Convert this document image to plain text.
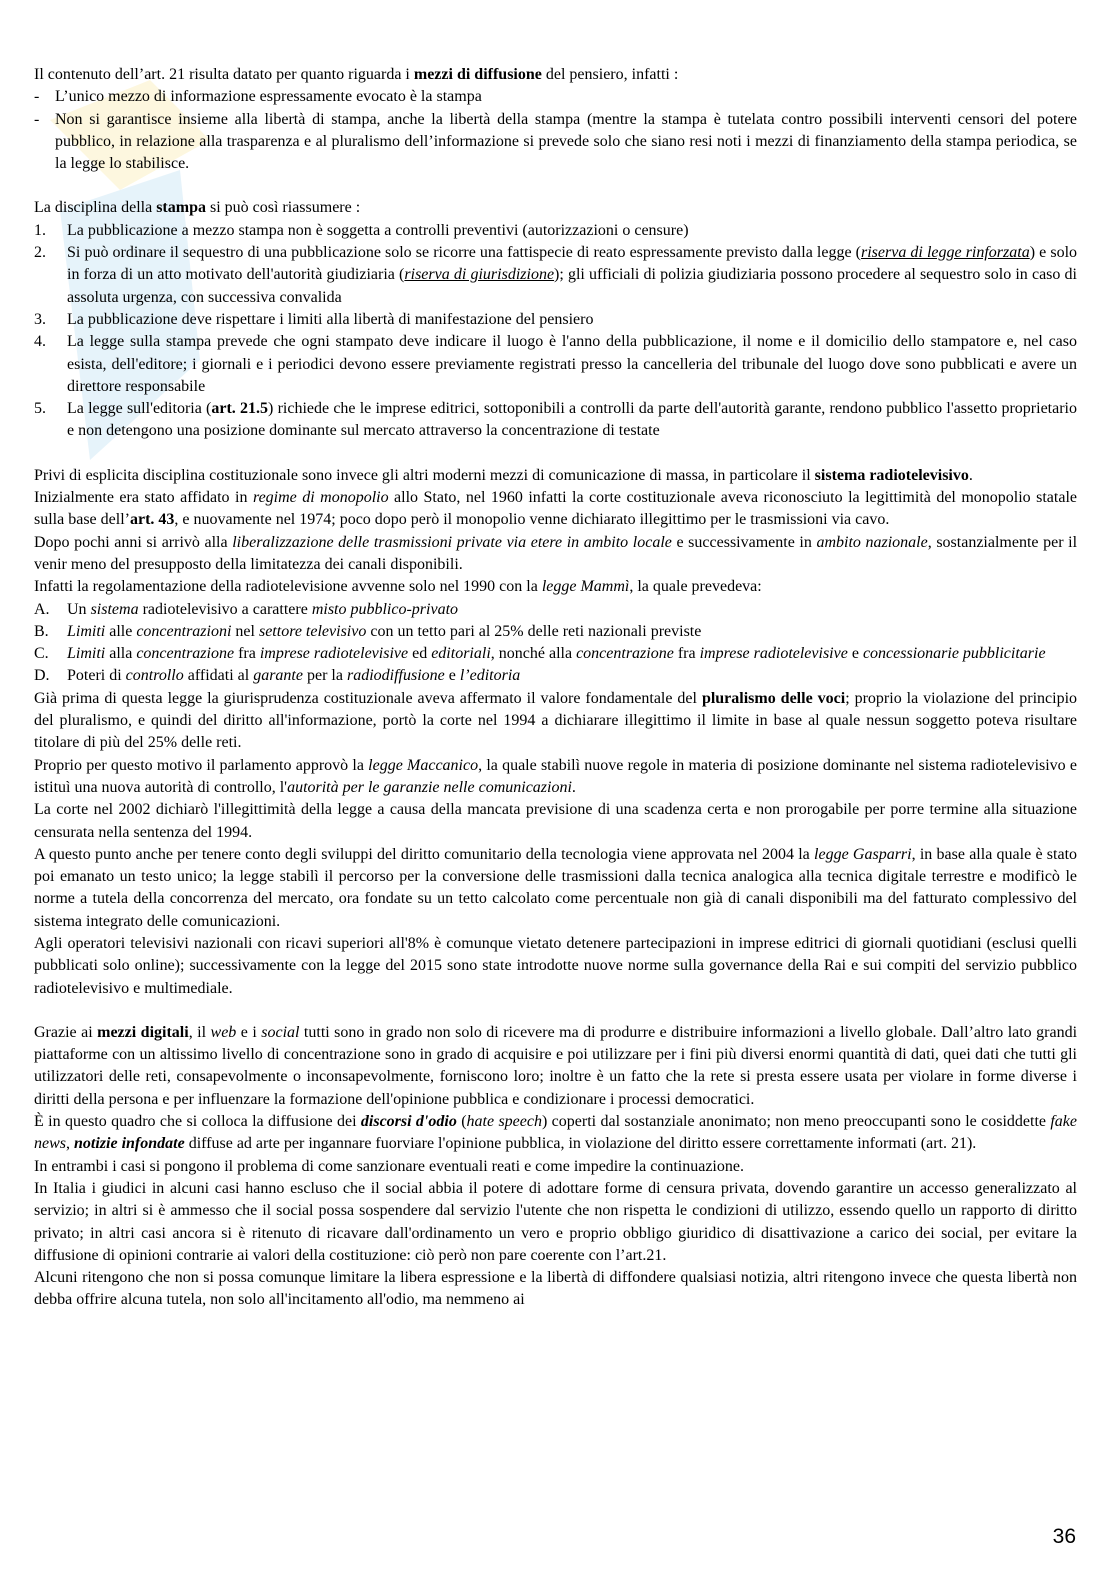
Il contenuto dell’art. 21 risulta datato per quanto riguarda i mezzi di diffusione del pensiero, infatti :

- L’unico mezzo di informazione espressamente evocato è la stampa
- Non si garantisce insieme alla libertà di stampa, anche la libertà della stampa (mentre la stampa è tutelata contro possibili interventi censori del potere pubblico, in relazione alla trasparenza e al pluralismo dell’informazione si prevede solo che siano resi noti i mezzi di finanziamento della stampa periodica, se la legge lo stabilisce.

La disciplina della stampa si può così riassumere :

1.	La pubblicazione a mezzo stampa non è soggetta a controlli preventivi (autorizzazioni o censure)
2.	Si può ordinare il sequestro di una pubblicazione solo se ricorre una fattispecie di reato espressamente previsto dalla legge (riserva di legge rinforzata) e solo in forza di un atto motivato dell'autorità giudiziaria (riserva di giurisdizione); gli ufficiali di polizia giudiziaria possono procedere al sequestro solo in caso di assoluta urgenza, con successiva convalida
3.	La pubblicazione deve rispettare i limiti alla libertà di manifestazione del pensiero
4.	La legge sulla stampa prevede che ogni stampato deve indicare il luogo è l'anno della pubblicazione, il nome e il domicilio dello stampatore e, nel caso esista, dell'editore; i giornali e i periodici devono essere previamente registrati presso la cancelleria del tribunale del luogo dove sono pubblicati e avere un direttore responsabile
5.	La legge sull'editoria (art. 21.5) richiede che le imprese editrici, sottoponibili a controlli da parte dell'autorità garante, rendono pubblico l'assetto proprietario e non detengono una posizione dominante sul mercato attraverso la concentrazione di testate

Privi di esplicita disciplina costituzionale sono invece gli altri moderni mezzi di comunicazione di massa, in particolare il sistema radiotelevisivo.

Inizialmente era stato affidato in regime di monopolio allo Stato, nel 1960 infatti la corte costituzionale aveva riconosciuto la legittimità del monopolio statale sulla base dell’art. 43, e nuovamente nel 1974; poco dopo però il monopolio venne dichiarato illegittimo per le trasmissioni via cavo.

Dopo pochi anni si arrivò alla liberalizzazione delle trasmissioni private via etere in ambito locale e successivamente in ambito nazionale, sostanzialmente per il venir meno del presupposto della limitatezza dei canali disponibili.

Infatti la regolamentazione della radiotelevisione avvenne solo nel 1990 con la legge Mammì, la quale prevedeva:

A.	Un sistema radiotelevisivo a carattere misto pubblico-privato
B.	Limiti alle concentrazioni nel settore televisivo con un tetto pari al 25% delle reti nazionali previste
C.	Limiti alla concentrazione fra imprese radiotelevisive ed editoriali, nonché alla concentrazione fra imprese radiotelevisive e concessionarie pubblicitarie
D.	Poteri di controllo affidati al garante per la radiodiffusione e l’editoria

Già prima di questa legge la giurisprudenza costituzionale aveva affermato il valore fondamentale del pluralismo delle voci; proprio la violazione del principio del pluralismo, e quindi del diritto all'informazione, portò la corte nel 1994 a dichiarare illegittimo il limite in base al quale nessun soggetto poteva risultare titolare di più del 25% delle reti.

Proprio per questo motivo il parlamento approvò la legge Maccanico, la quale stabilì nuove regole in materia di posizione dominante nel sistema radiotelevisivo e istituì una nuova autorità di controllo, l'autorità per le garanzie nelle comunicazioni.

La corte nel 2002 dichiarò l'illegittimità della legge a causa della mancata previsione di una scadenza certa e non prorogabile per porre termine alla situazione censurata nella sentenza del 1994.

A questo punto anche per tenere conto degli sviluppi del diritto comunitario della tecnologia viene approvata nel 2004 la legge Gasparri, in base alla quale è stato poi emanato un testo unico; la legge stabilì il percorso per la conversione delle trasmissioni dalla tecnica analogica alla tecnica digitale terrestre e modificò le norme a tutela della concorrenza del mercato, ora fondate su un tetto calcolato come percentuale non già di canali disponibili ma del fatturato complessivo del sistema integrato delle comunicazioni.

Agli operatori televisivi nazionali con ricavi superiori all'8% è comunque vietato detenere partecipazioni in imprese editrici di giornali quotidiani (esclusi quelli pubblicati solo online); successivamente con la legge del 2015 sono state introdotte nuove norme sulla governance della Rai e sui compiti del servizio pubblico radiotelevisivo e multimediale.

Grazie ai mezzi digitali, il web e i social tutti sono in grado non solo di ricevere ma di produrre e distribuire informazioni a livello globale. Dall’altro lato grandi piattaforme con un altissimo livello di concentrazione sono in grado di acquisire e poi utilizzare per i fini più diversi enormi quantità di dati, quei dati che tutti gli utilizzatori delle reti, consapevolmente o inconsapevolmente, forniscono loro; inoltre è un fatto che la rete si presta essere usata per violare in forme diverse i diritti della persona e per influenzare la formazione dell'opinione pubblica e condizionare i processi democratici.

È in questo quadro che si colloca la diffusione dei discorsi d'odio (hate speech) coperti dal sostanziale anonimato; non meno preoccupanti sono le cosiddette fake news, notizie infondate diffuse ad arte per ingannare fuorviare l'opinione pubblica, in violazione del diritto essere correttamente informati (art. 21).

In entrambi i casi si pongono il problema di come sanzionare eventuali reati e come impedire la continuazione.

In Italia i giudici in alcuni casi hanno escluso che il social abbia il potere di adottare forme di censura privata, dovendo garantire un accesso generalizzato al servizio; in altri si è ammesso che il social possa sospendere dal servizio l'utente che non rispetta le condizioni di utilizzo, essendo quello un rapporto di diritto privato; in altri casi ancora si è ritenuto di ricavare dall'ordinamento un vero e proprio obbligo giuridico di disattivazione a carico dei social, per evitare la diffusione di opinioni contrarie ai valori della costituzione: ciò però non pare coerente con l’art.21.

Alcuni ritengono che non si possa comunque limitare la libera espressione e la libertà di diffondere qualsiasi notizia, altri ritengono invece che questa libertà non debba offrire alcuna tutela, non solo all'incitamento all'odio, ma nemmeno ai

36
